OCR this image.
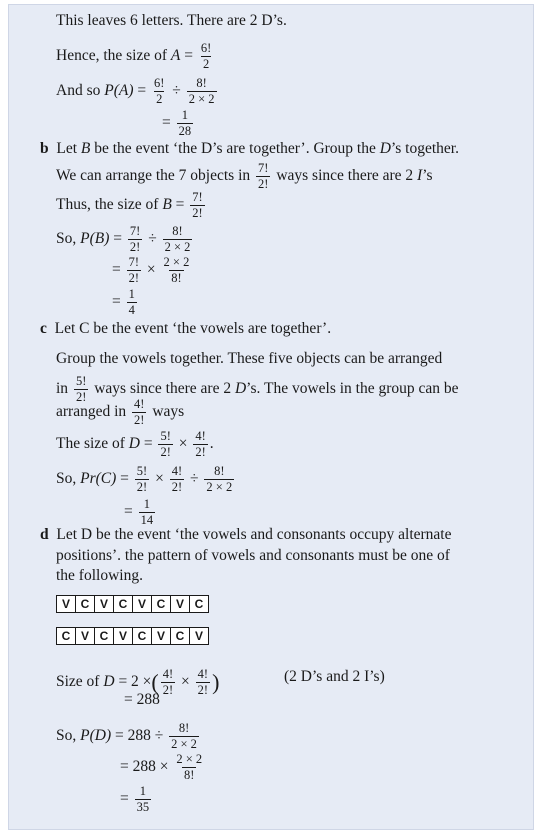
This leaves 6 letters. There are 2 D’s.
Hence, the size of $A = \frac{6!}{2}$
And so $P(A) = \frac{6!}{2} \div \frac{8!}{2 \times 2}$
= $\frac{1}{28}$
b Let B be the event ‘the D’s are together’. Group the D’s together.
We can arrange the 7 objects in $\frac{7!}{2!}$ ways since there are 2 I’s
Thus, the size of $B = \frac{7!}{2!}$
So, $P(B) = \frac{7!}{2!} \div \frac{8!}{2 \times 2}$
= $\frac{7!}{2!} \times \frac{2 \times 2}{8!}$
= $\frac{1}{4}$
c Let C be the event ‘the vowels are together’.
Group the vowels together. These five objects can be arranged
in $\frac{5!}{2!}$ ways since there are 2 D’s. The vowels in the group can be
arranged in $\frac{4!}{2!}$ ways
The size of $D = \frac{5!}{2!} \times \frac{4!}{2!}$ .
So, $Pr(C) = \frac{5!}{2!} \times \frac{4!}{2!} \div \frac{8!}{2 \times 2}$
= $\frac{1}{14}$
d Let D be the event ‘the vowels and consonants occupy alternate
positions’. the pattern of vowels and consonants must be one of
the following.
V	C	V	C	V	C	V	C
C	V	C	V	C	V	C	V
Size of D = 2 ×( $\frac{4!}{2!} \times \frac{4!}{2!}$ )	(2 D’s and 2 I’s)
= 288
So, $P(D) = 288 \div \frac{8!}{2 \times 2}$
= $288 \times \frac{2 \times 2}{8!}$
= $\frac{1}{35}$
